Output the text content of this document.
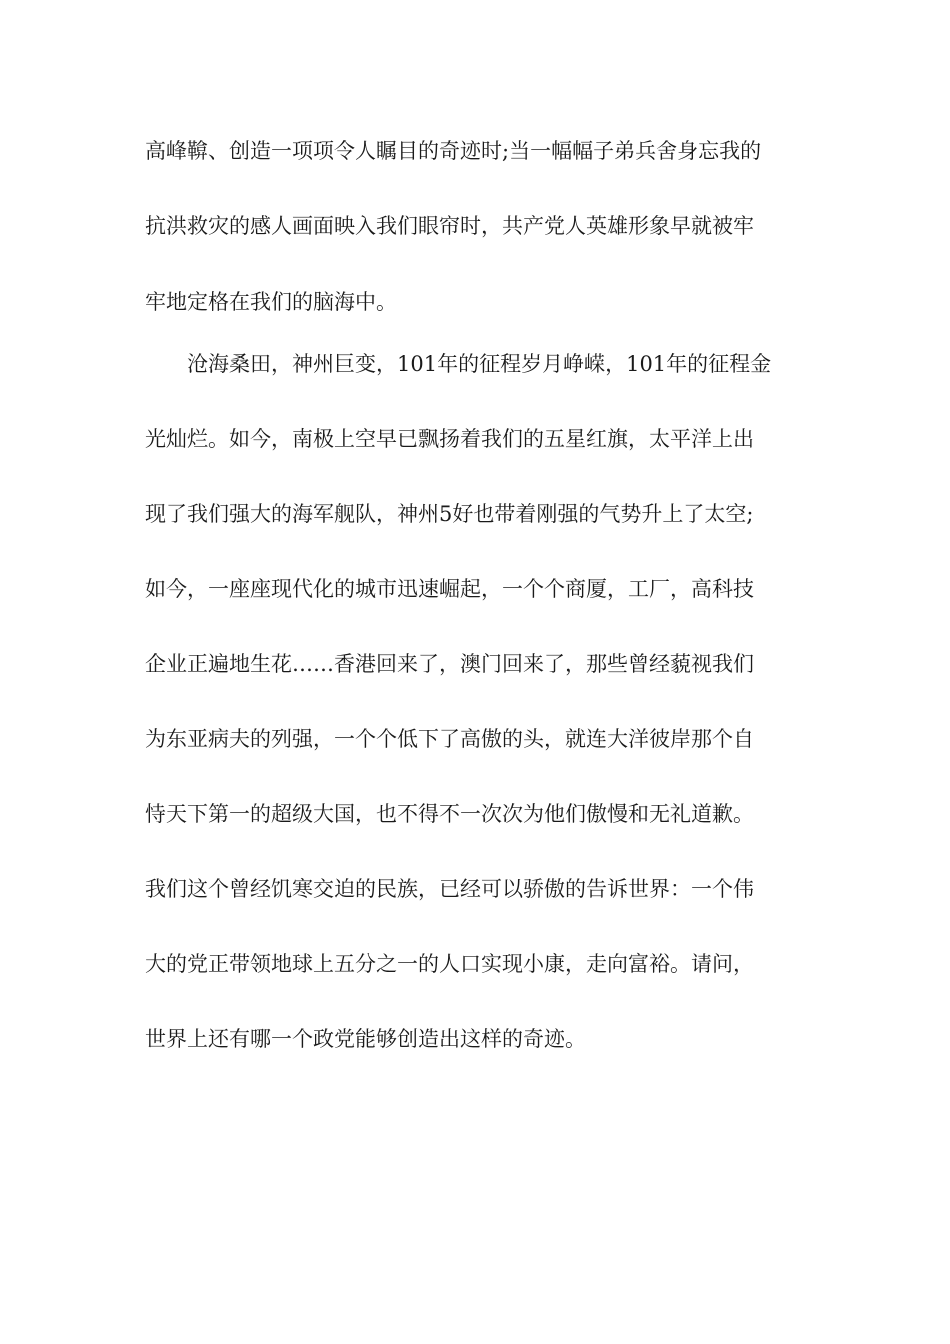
高峰鞥、创造一项项令人瞩目的奇迹时;当一幅幅子弟兵舍身忘我的
抗洪救灾的感人画面映入我们眼帘时，共产党人英雄形象早就被牢
牢地定格在我们的脑海中。
沧海桑田，神州巨变，101年的征程岁月峥嵘，101年的征程金
光灿烂。如今，南极上空早已飘扬着我们的五星红旗，太平洋上出
现了我们强大的海军舰队，神州5好也带着刚强的气势升上了太空;
如今，一座座现代化的城市迅速崛起，一个个商厦，工厂，高科技
企业正遍地生花……香港回来了，澳门回来了，那些曾经藐视我们
为东亚病夫的列强，一个个低下了高傲的头，就连大洋彼岸那个自
恃天下第一的超级大国，也不得不一次次为他们傲慢和无礼道歉。
我们这个曾经饥寒交迫的民族，已经可以骄傲的告诉世界：一个伟
大的党正带领地球上五分之一的人口实现小康，走向富裕。请问，
世界上还有哪一个政党能够创造出这样的奇迹。
